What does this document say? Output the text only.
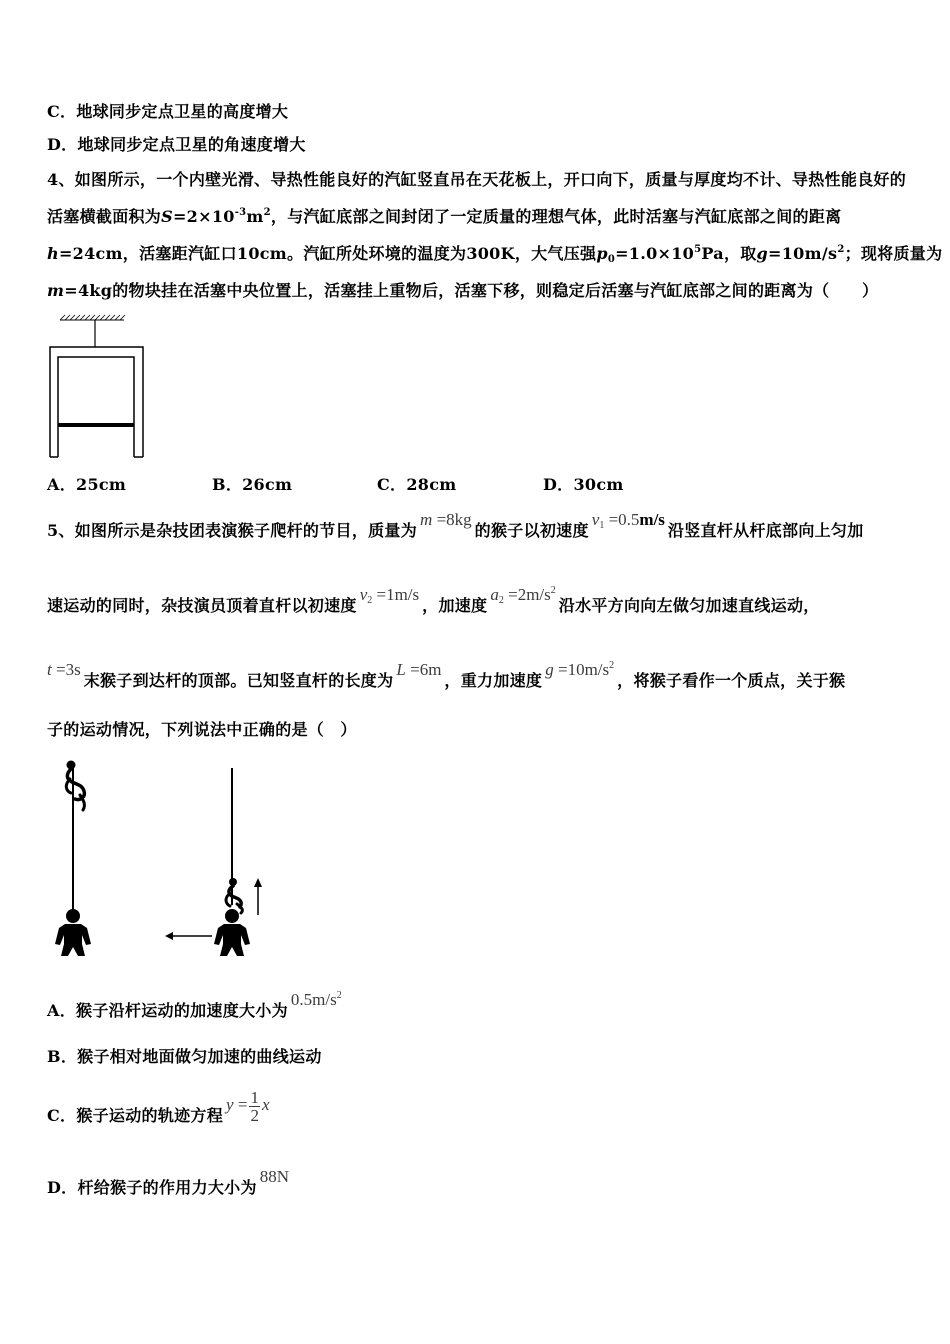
C．地球同步定点卫星的高度增大
D．地球同步定点卫星的角速度增大
4、如图所示，一个内壁光滑、导热性能良好的汽缸竖直吊在天花板上，开口向下，质量与厚度均不计、导热性能良好的
活塞横截面积为$S=2\times 10^{-3}m^2$，与汽缸底部之间封闭了一定质量的理想气体，此时活塞与汽缸底部之间的距离
h=24cm，活塞距汽缸口10cm。汽缸所处环境的温度为300K，大气压强$p_0=1.0\times 10^5Pa$，取$g=10m/s^2$；现将质量为
m=4kg的物块挂在活塞中央位置上，活塞挂上重物后，活塞下移，则稳定后活塞与汽缸底部之间的距离为（　　）
A．25cm	B．26cm	C．28cm	D．30cm
5、如图所示是杂技团表演猴子爬杆的节目，质量为m =8kg的猴子以初速度$v_1 =0.5m/s$沿竖直杆从杆底部向上匀加
速运动的同时，杂技演员顶着直杆以初速度$v_2 =1m/s$，加速度$a_2 =2m/s^2$沿水平方向向左做匀加速直线运动，
t =3s末猴子到达杆的顶部。已知竖直杆的长度为L =6m，重力加速度$g =10m/s^2$，将猴子看作一个质点，关于猴
子的运动情况，下列说法中正确的是（　）
A．猴子沿杆运动的加速度大小为$0.5m/s^2$
B．猴子相对地面做匀加速的曲线运动
C．猴子运动的轨迹方程$y = \frac{1}{2}$ x
D．杆给猴子的作用力大小为88N
